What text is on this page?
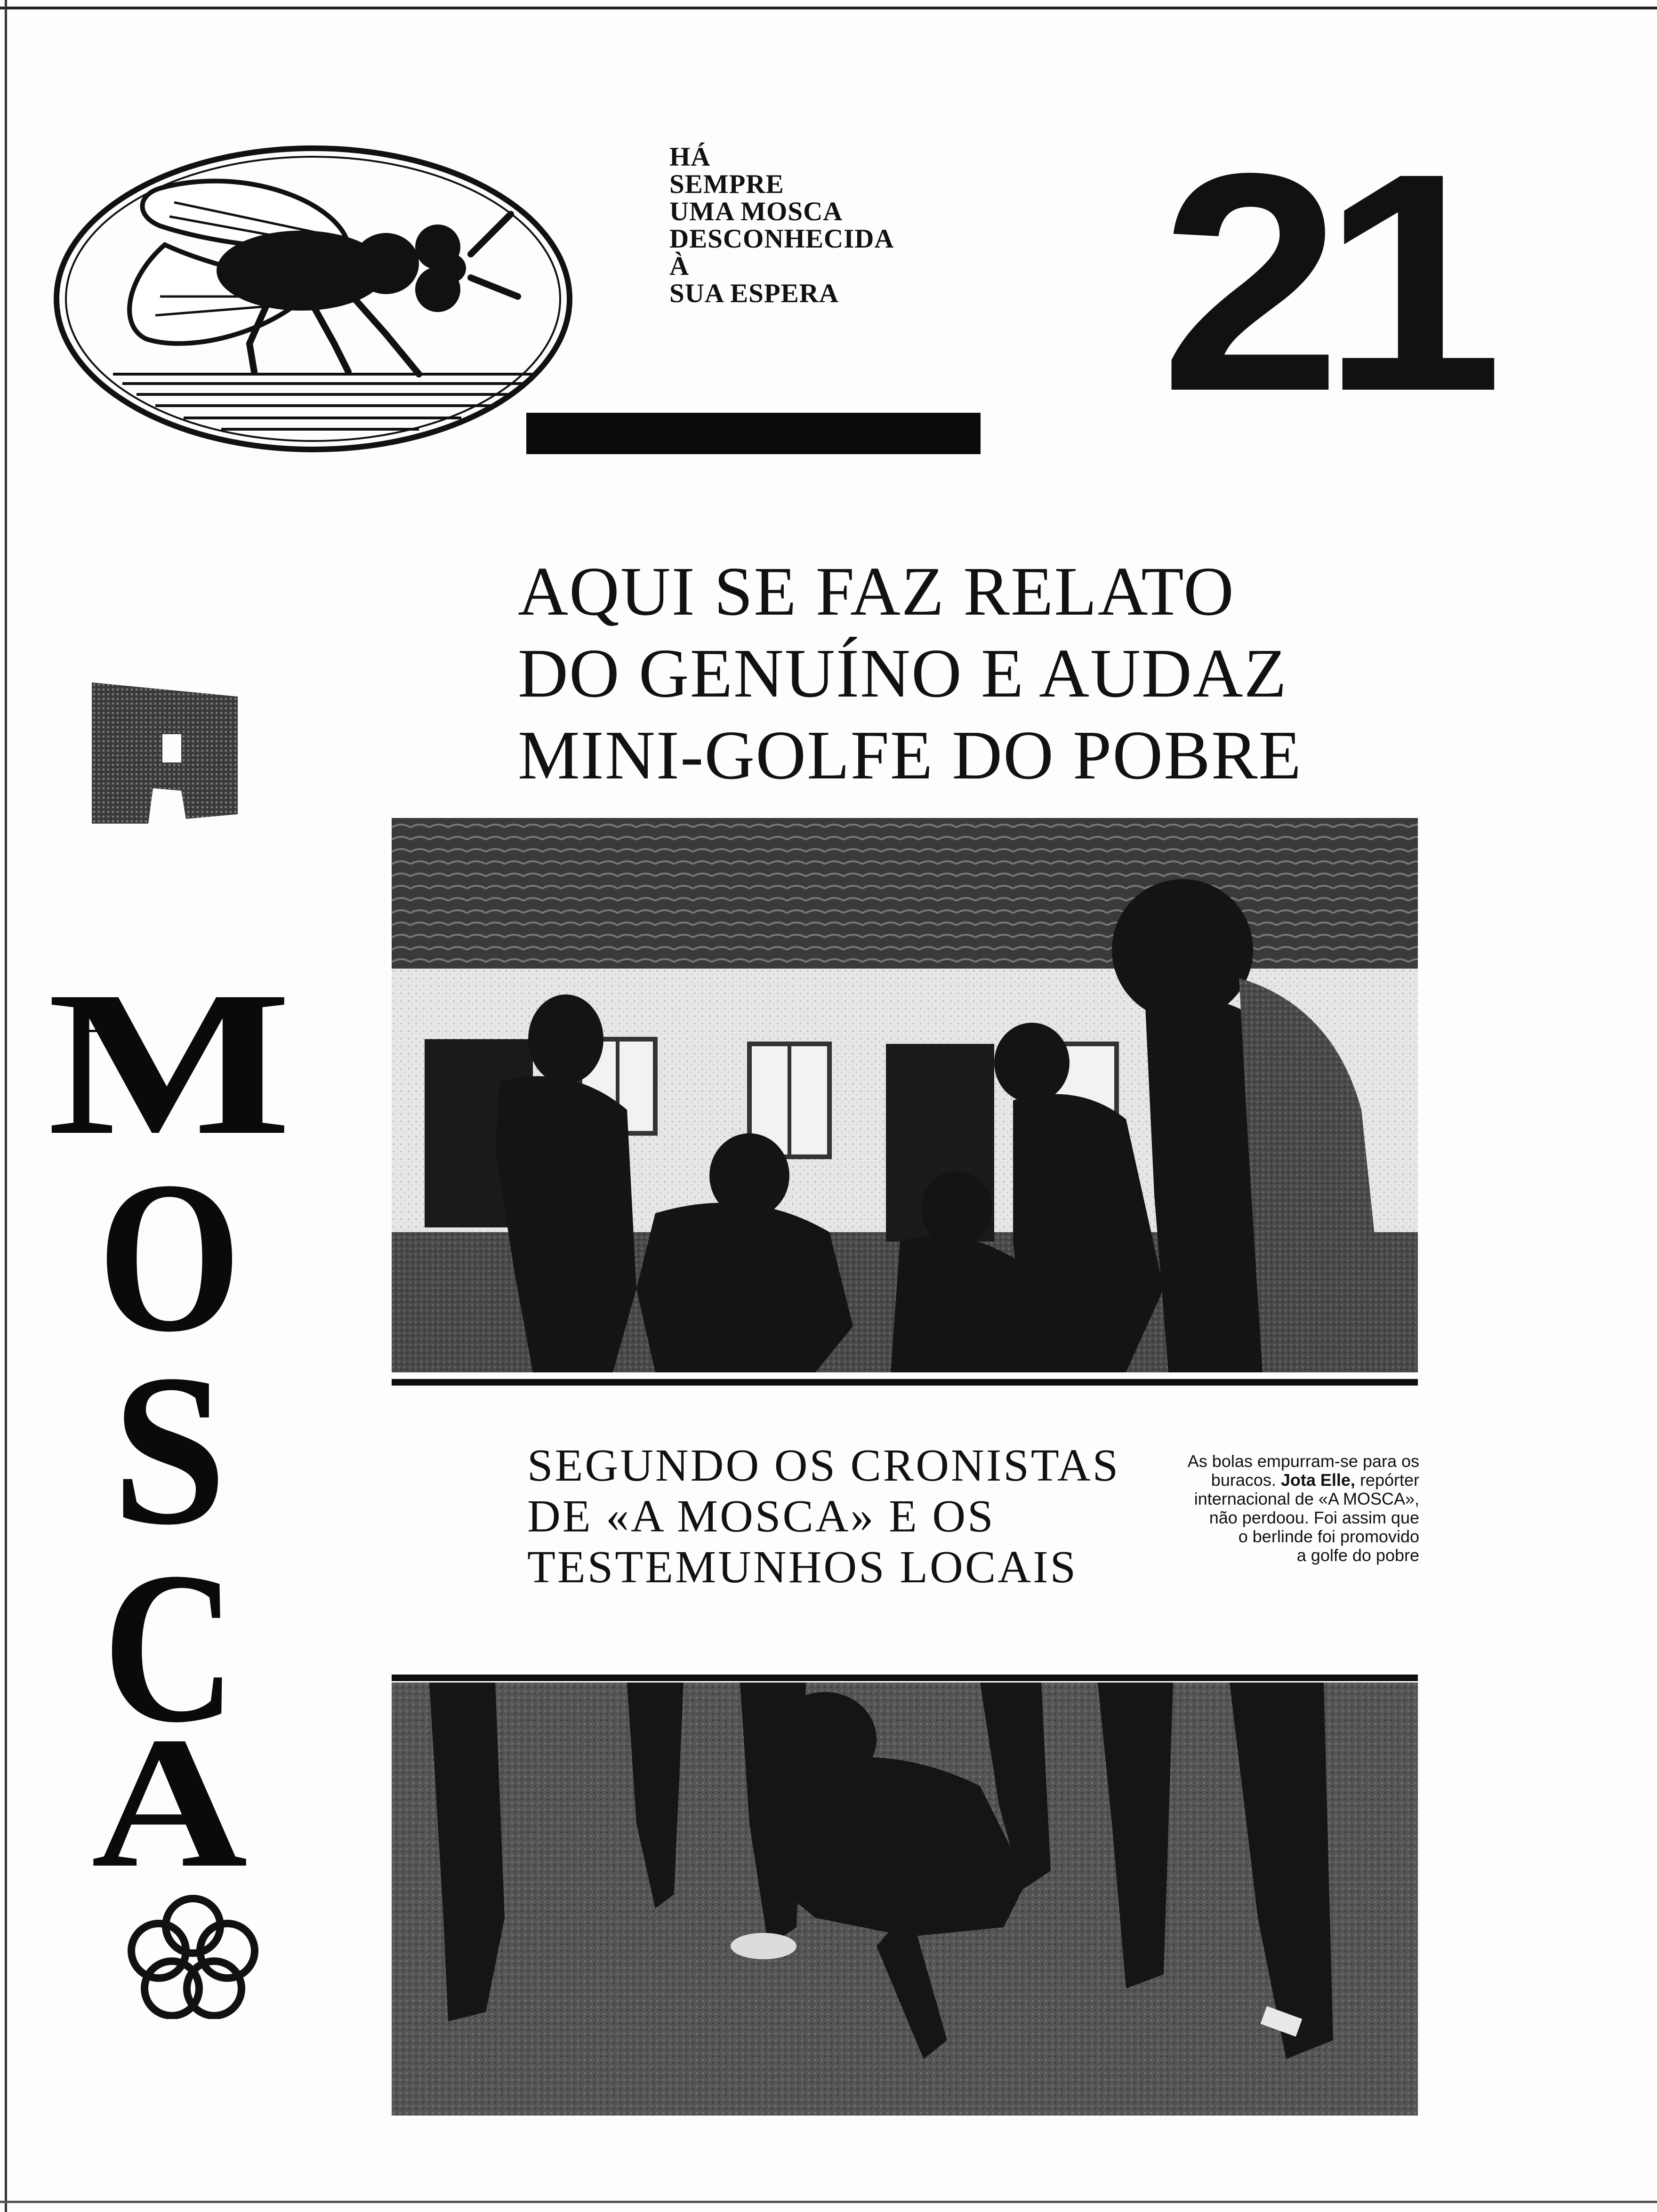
HÁ
SEMPRE
UMA MOSCA
DESCONHECIDA
À
SUA ESPERA	21
AQUI SE FAZ RELATO
DO GENUÍNO E AUDAZ
MINI-GOLFE DO POBRE
M
O
S
C
A
SEGUNDO OS CRONISTAS
DE «A MOSCA» E OS
TESTEMUNHOS LOCAIS
As bolas empurram-se para os
buracos. Jota Elle, repórter
internacional de «A MOSCA»,
não perdoou. Foi assim que
o berlinde foi promovido
a golfe do pobre
